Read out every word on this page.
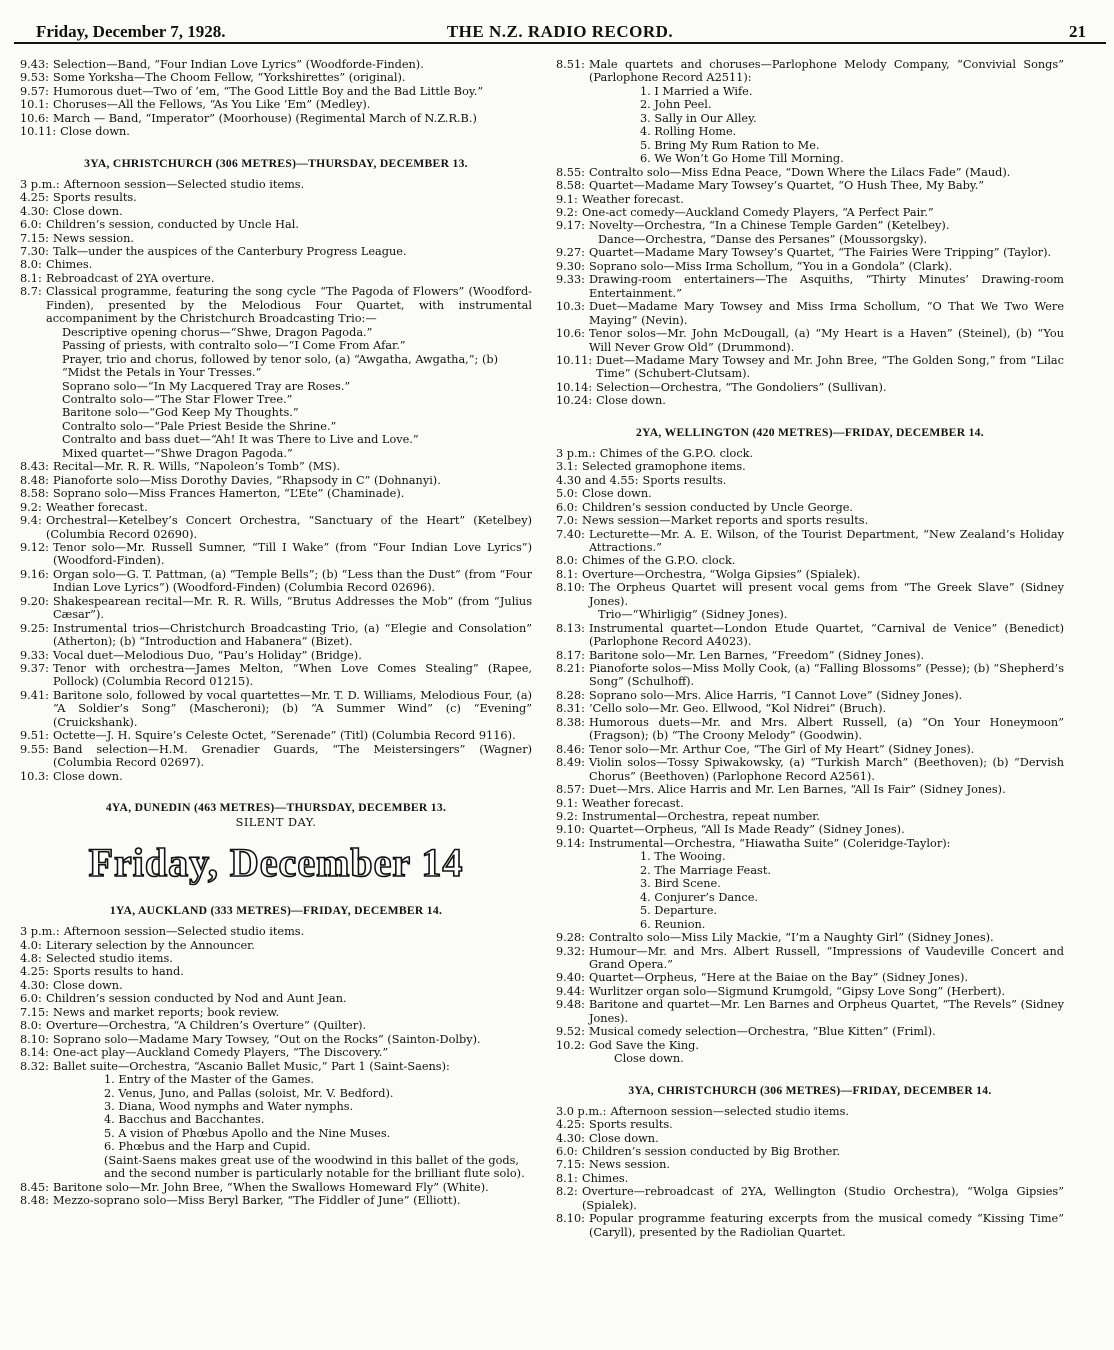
Friday, December 7, 1928.	THE N.Z. RADIO RECORD.	21
9.43: Selection—Band, “Four Indian Love Lyrics” (Woodforde-Finden).
9.53: Some Yorksha—The Choom Fellow, “Yorkshirettes” (original).
9.57: Humorous duet—Two of ’em, “The Good Little Boy and the Bad Little Boy.”
10.1: Choruses—All the Fellows, “As You Like ’Em” (Medley).
10.6: March — Band, “Imperator” (Moorhouse) (Regimental March of N.Z.R.B.)
10.11: Close down.
3YA, CHRISTCHURCH (306 METRES)—THURSDAY, DECEMBER 13.
3 p.m.: Afternoon session—Selected studio items.
4.25: Sports results.
4.30: Close down.
6.0: Children’s session, conducted by Uncle Hal.
7.15: News session.
7.30: Talk—under the auspices of the Canterbury Progress League.
8.0: Chimes.
8.1: Rebroadcast of 2YA overture.
8.7: Classical programme, featuring the song cycle “The Pagoda of Flowers” (Woodford-Finden), presented by the Melodious Four Quartet, with instrumental accompaniment by the Christchurch Broadcasting Trio:—
Descriptive opening chorus—“Shwe, Dragon Pagoda.”
Passing of priests, with contralto solo—“I Come From Afar.”
Prayer, trio and chorus, followed by tenor solo, (a) “Awgatha, Awgatha,”; (b) “Midst the Petals in Your Tresses.”
Soprano solo—“In My Lacquered Tray are Roses.”
Contralto solo—“The Star Flower Tree.”
Baritone solo—“God Keep My Thoughts.”
Contralto solo—“Pale Priest Beside the Shrine.”
Contralto and bass duet—“Ah! It was There to Live and Love.”
Mixed quartet—“Shwe Dragon Pagoda.”
8.43: Recital—Mr. R. R. Wills, “Napoleon’s Tomb” (MS).
8.48: Pianoforte solo—Miss Dorothy Davies, “Rhapsody in C” (Dohnanyi).
8.58: Soprano solo—Miss Frances Hamerton, “L’Ete” (Chaminade).
9.2: Weather forecast.
9.4: Orchestral—Ketelbey’s Concert Orchestra, “Sanctuary of the Heart” (Ketelbey) (Columbia Record 02690).
9.12: Tenor solo—Mr. Russell Sumner, “Till I Wake” (from “Four Indian Love Lyrics”) (Woodford-Finden).
9.16: Organ solo—G. T. Pattman, (a) “Temple Bells”; (b) “Less than the Dust” (from “Four Indian Love Lyrics”) (Woodford-Finden) (Columbia Record 02696).
9.20: Shakespearean recital—Mr. R. R. Wills, “Brutus Addresses the Mob” (from “Julius Cæsar”).
9.25: Instrumental trios—Christchurch Broadcasting Trio, (a) “Elegie and Consolation” (Atherton); (b) “Introduction and Habanera” (Bizet).
9.33: Vocal duet—Melodious Duo, “Pau’s Holiday” (Bridge).
9.37: Tenor with orchestra—James Melton, “When Love Comes Stealing” (Rapee, Pollock) (Columbia Record 01215).
9.41: Baritone solo, followed by vocal quartettes—Mr. T. D. Williams, Melodious Four, (a) “A Soldier’s Song” (Mascheroni); (b) “A Summer Wind” (c) “Evening” (Cruickshank).
9.51: Octette—J. H. Squire’s Celeste Octet, “Serenade” (Titl) (Columbia Record 9116).
9.55: Band selection—H.M. Grenadier Guards, “The Meistersingers” (Wagner) (Columbia Record 02697).
10.3: Close down.
4YA, DUNEDIN (463 METRES)—THURSDAY, DECEMBER 13.
SILENT DAY.
Friday, December 14
1YA, AUCKLAND (333 METRES)—FRIDAY, DECEMBER 14.
3 p.m.: Afternoon session—Selected studio items.
4.0: Literary selection by the Announcer.
4.8: Selected studio items.
4.25: Sports results to hand.
4.30: Close down.
6.0: Children’s session conducted by Nod and Aunt Jean.
7.15: News and market reports; book review.
8.0: Overture—Orchestra, “A Children’s Overture” (Quilter).
8.10: Soprano solo—Madame Mary Towsey, “Out on the Rocks” (Sainton-Dolby).
8.14: One-act play—Auckland Comedy Players, “The Discovery.”
8.32: Ballet suite—Orchestra, “Ascanio Ballet Music,” Part 1 (Saint-Saens):
1. Entry of the Master of the Games.
2. Venus, Juno, and Pallas (soloist, Mr. V. Bedford).
3. Diana, Wood nymphs and Water nymphs.
4. Bacchus and Bacchantes.
5. A vision of Phœbus Apollo and the Nine Muses.
6. Phœbus and the Harp and Cupid.
(Saint-Saens makes great use of the woodwind in this ballet of the gods, and the second number is particularly notable for the brilliant flute solo).
8.45: Baritone solo—Mr. John Bree, “When the Swallows Homeward Fly” (White).
8.48: Mezzo-soprano solo—Miss Beryl Barker, “The Fiddler of June” (Elliott).
8.51: Male quartets and choruses—Parlophone Melody Company, “Convivial Songs” (Parlophone Record A2511):
1. I Married a Wife.
2. John Peel.
3. Sally in Our Alley.
4. Rolling Home.
5. Bring My Rum Ration to Me.
6. We Won’t Go Home Till Morning.
8.55: Contralto solo—Miss Edna Peace, “Down Where the Lilacs Fade” (Maud).
8.58: Quartet—Madame Mary Towsey’s Quartet, “O Hush Thee, My Baby.”
9.1: Weather forecast.
9.2: One-act comedy—Auckland Comedy Players, “A Perfect Pair.”
9.17: Novelty—Orchestra, “In a Chinese Temple Garden” (Ketelbey).
Dance—Orchestra, “Danse des Persanes” (Moussorgsky).
9.27: Quartet—Madame Mary Towsey’s Quartet, “The Fairies Were Tripping” (Taylor).
9.30: Soprano solo—Miss Irma Schollum, “You in a Gondola” (Clark).
9.33: Drawing-room entertainers—The Asquiths, “Thirty Minutes’ Drawing-room Entertainment.”
10.3: Duet—Madame Mary Towsey and Miss Irma Schollum, “O That We Two Were Maying” (Nevin).
10.6: Tenor solos—Mr. John McDougall, (a) “My Heart is a Haven” (Steinel), (b) “You Will Never Grow Old” (Drummond).
10.11: Duet—Madame Mary Towsey and Mr. John Bree, “The Golden Song,” from “Lilac Time” (Schubert-Clutsam).
10.14: Selection—Orchestra, “The Gondoliers” (Sullivan).
10.24: Close down.
2YA, WELLINGTON (420 METRES)—FRIDAY, DECEMBER 14.
3 p.m.: Chimes of the G.P.O. clock.
3.1: Selected gramophone items.
4.30 and 4.55: Sports results.
5.0: Close down.
6.0: Children’s session conducted by Uncle George.
7.0: News session—Market reports and sports results.
7.40: Lecturette—Mr. A. E. Wilson, of the Tourist Department, “New Zealand’s Holiday Attractions.”
8.0: Chimes of the G.P.O. clock.
8.1: Overture—Orchestra, “Wolga Gipsies” (Spialek).
8.10: The Orpheus Quartet will present vocal gems from “The Greek Slave” (Sidney Jones).
Trio—“Whirligig” (Sidney Jones).
8.13: Instrumental quartet—London Etude Quartet, “Carnival de Venice” (Benedict) (Parlophone Record A4023).
8.17: Baritone solo—Mr. Len Barnes, “Freedom” (Sidney Jones).
8.21: Pianoforte solos—Miss Molly Cook, (a) “Falling Blossoms” (Pesse); (b) “Shepherd’s Song” (Schulhoff).
8.28: Soprano solo—Mrs. Alice Harris, “I Cannot Love” (Sidney Jones).
8.31: ’Cello solo—Mr. Geo. Ellwood, “Kol Nidrei” (Bruch).
8.38: Humorous duets—Mr. and Mrs. Albert Russell, (a) “On Your Honeymoon” (Fragson); (b) “The Croony Melody” (Goodwin).
8.46: Tenor solo—Mr. Arthur Coe, “The Girl of My Heart” (Sidney Jones).
8.49: Violin solos—Tossy Spiwakowsky, (a) “Turkish March” (Beethoven); (b) “Dervish Chorus” (Beethoven) (Parlophone Record A2561).
8.57: Duet—Mrs. Alice Harris and Mr. Len Barnes, “All Is Fair” (Sidney Jones).
9.1: Weather forecast.
9.2: Instrumental—Orchestra, repeat number.
9.10: Quartet—Orpheus, “All Is Made Ready” (Sidney Jones).
9.14: Instrumental—Orchestra, “Hiawatha Suite” (Coleridge-Taylor):
1. The Wooing.
2. The Marriage Feast.
3. Bird Scene.
4. Conjurer’s Dance.
5. Departure.
6. Reunion.
9.28: Contralto solo—Miss Lily Mackie, “I’m a Naughty Girl” (Sidney Jones).
9.32: Humour—Mr. and Mrs. Albert Russell, “Impressions of Vaudeville Concert and Grand Opera.”
9.40: Quartet—Orpheus, “Here at the Baiae on the Bay” (Sidney Jones).
9.44: Wurlitzer organ solo—Sigmund Krumgold, “Gipsy Love Song” (Herbert).
9.48: Baritone and quartet—Mr. Len Barnes and Orpheus Quartet, “The Revels” (Sidney Jones).
9.52: Musical comedy selection—Orchestra, “Blue Kitten” (Friml).
10.2: God Save the King.
Close down.
3YA, CHRISTCHURCH (306 METRES)—FRIDAY, DECEMBER 14.
3.0 p.m.: Afternoon session—selected studio items.
4.25: Sports results.
4.30: Close down.
6.0: Children’s session conducted by Big Brother.
7.15: News session.
8.1: Chimes.
8.2: Overture—rebroadcast of 2YA, Wellington (Studio Orchestra), “Wolga Gipsies” (Spialek).
8.10: Popular programme featuring excerpts from the musical comedy “Kissing Time” (Caryll), presented by the Radiolian Quartet.
